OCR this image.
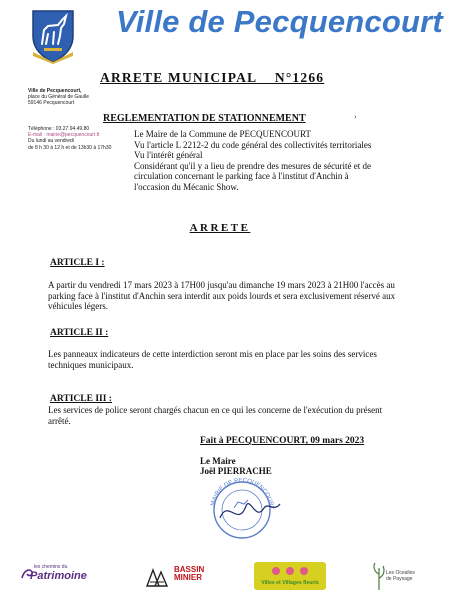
Ville de Pecquencourt
ARRETE MUNICIPAL    N°1266
Ville de Pecquencourt,
place du Général de Gaulle
59146 Pecquencourt
Téléphone : 03.27.94.49.80
E-mail : mairie@pecquencourt.fr
Du lundi au vendredi
de 8 h 30 à 12 h et de 13h30 à 17h30
REGLEMENTATION DE STATIONNEMENT	›
Le Maire de la Commune de PECQUENCOURT
Vu l'article L 2212-2 du code général des collectivités territoriales
Vu l'intérêt général
Considérant qu'il y a lieu de prendre des mesures de sécurité et de circulation concernant le parking face à l'institut d'Anchin à l'occasion du Mécanic Show.
ARRETE
ARTICLE I :
A partir du vendredi 17 mars 2023 à 17H00 jusqu'au dimanche 19 mars 2023 à 21H00 l'accès au parking face à l'institut d'Anchin sera interdit aux poids lourds et sera exclusivement réservé aux véhicules légers.
ARTICLE II :
Les panneaux indicateurs de cette interdiction seront mis en place par les soins des services techniques municipaux.
ARTICLE III :
Les services de police seront chargés chacun en ce qui les concerne de l'exécution du présent arrêté.
Fait à PECQUENCOURT, 09 mars 2023
Le Maire
Joël PIERRACHE
MAIRIE DE PECQUENCOURT
les chemins du
Patrimoine
BASSIN
MINIER
Villes et Villages fleuris
Les Ocealles
de Paysage
